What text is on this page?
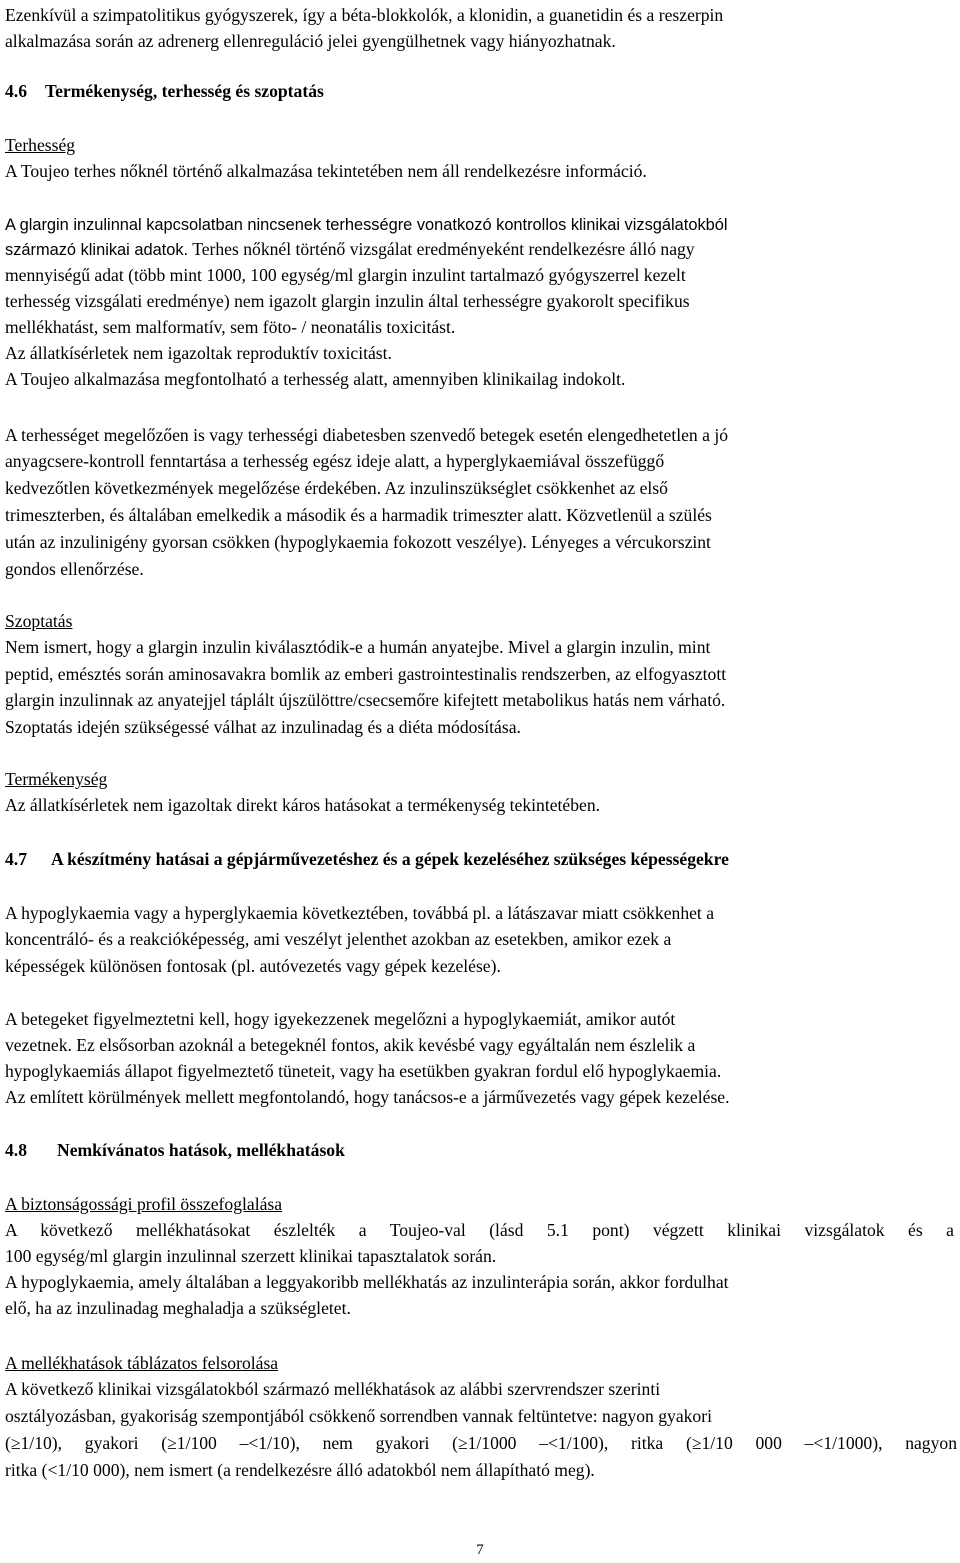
Ezenkívül a szimpatolitikus gyógyszerek, így a béta-blokkolók, a klonidin, a guanetidin és a reszerpin

alkalmazása során az adrenerg ellenreguláció jelei gyengülhetnek vagy hiányozhatnak.

4.6 Termékenység, terhesség és szoptatás

Terhesség

A Toujeo terhes nőknél történő alkalmazása tekintetében nem áll rendelkezésre információ.

A glargin inzulinnal kapcsolatban nincsenek terhességre vonatkozó kontrollos klinikai vizsgálatokból

származó klinikai adatok. Terhes nőknél történő vizsgálat eredményeként rendelkezésre álló nagy

mennyiségű adat (több mint 1000, 100 egység/ml glargin inzulint tartalmazó gyógyszerrel kezelt

terhesség vizsgálati eredménye) nem igazolt glargin inzulin által terhességre gyakorolt specifikus

mellékhatást, sem malformatív, sem föto- / neonatális toxicitást.

Az állatkísérletek nem igazoltak reproduktív toxicitást.

A Toujeo alkalmazása megfontolható a terhesség alatt, amennyiben klinikailag indokolt.

A terhességet megelőzően is vagy terhességi diabetesben szenvedő betegek esetén elengedhetetlen a jó

anyagcsere-kontroll fenntartása a terhesség egész ideje alatt, a hyperglykaemiával összefüggő

kedvezőtlen következmények megelőzése érdekében. Az inzulinszükséglet csökkenhet az első

trimeszterben, és általában emelkedik a második és a harmadik trimeszter alatt. Közvetlenül a szülés

után az inzulinigény gyorsan csökken (hypoglykaemia fokozott veszélye). Lényeges a vércukorszint

gondos ellenőrzése.

Szoptatás

Nem ismert, hogy a glargin inzulin kiválasztódik-e a humán anyatejbe. Mivel a glargin inzulin, mint

peptid, emésztés során aminosavakra bomlik az emberi gastrointestinalis rendszerben, az elfogyasztott

glargin inzulinnak az anyatejjel táplált újszülöttre/csecsemőre kifejtett metabolikus hatás nem várható.

Szoptatás idején szükségessé válhat az inzulinadag és a diéta módosítása.

Termékenység

Az állatkísérletek nem igazoltak direkt káros hatásokat a termékenység tekintetében.

4.7 A készítmény hatásai a gépjárművezetéshez és a gépek kezeléséhez szükséges képességekre

A hypoglykaemia vagy a hyperglykaemia következtében, továbbá pl. a látászavar miatt csökkenhet a

koncentráló- és a reakcióképesség, ami veszélyt jelenthet azokban az esetekben, amikor ezek a

képességek különösen fontosak (pl. autóvezetés vagy gépek kezelése).

A betegeket figyelmeztetni kell, hogy igyekezzenek megelőzni a hypoglykaemiát, amikor autót

vezetnek. Ez elsősorban azoknál a betegeknél fontos, akik kevésbé vagy egyáltalán nem észlelik a

hypoglykaemiás állapot figyelmeztető tüneteit, vagy ha esetükben gyakran fordul elő hypoglykaemia.

Az említett körülmények mellett megfontolandó, hogy tanácsos-e a járművezetés vagy gépek kezelése.

4.8 Nemkívánatos hatások, mellékhatások

A biztonságossági profil összefoglalása

A következő mellékhatásokat észlelték a Toujeo-val (lásd 5.1 pont) végzett klinikai vizsgálatok és a

100 egység/ml glargin inzulinnal szerzett klinikai tapasztalatok során.

A hypoglykaemia, amely általában a leggyakoribb mellékhatás az inzulinterápia során, akkor fordulhat

elő, ha az inzulinadag meghaladja a szükségletet.

A mellékhatások táblázatos felsorolása

A következő klinikai vizsgálatokból származó mellékhatások az alábbi szervrendszer szerinti

osztályozásban, gyakoriság szempontjából csökkenő sorrendben vannak feltüntetve: nagyon gyakori

(≥1/10), gyakori (≥1/100 –<1/10), nem gyakori (≥1/1000 –<1/100), ritka (≥1/10 000 –<1/1000), nagyon

ritka (<1/10 000), nem ismert (a rendelkezésre álló adatokból nem állapítható meg).

7
